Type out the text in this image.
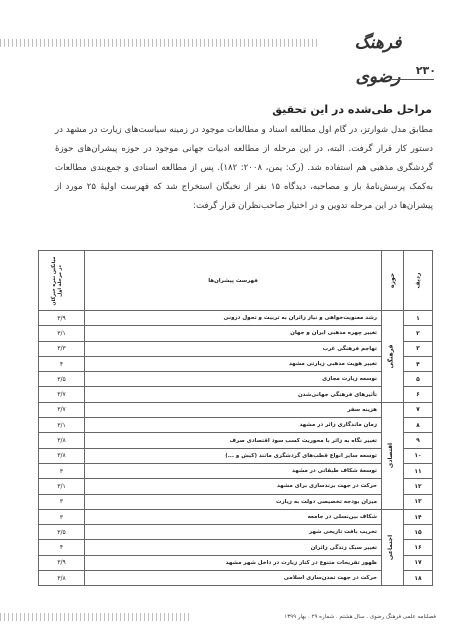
فرهنگ رضوی	۲۳۰
مراحل طی‌شده در این تحقیق
مطابق مدل شوارتز، در گام اول مطالعه اسناد و مطالعات موجود در زمینه سیاست‌های زیارت در مشهد در دستور کار قرار گرفت. البته، در این مرحله از مطالعه ادبیات جهانی موجود در حوزه پیشران‌های حوزهٔ گردشگری مذهبی هم استفاده شد. (رک: یمن، ۲۰۰۸: ۱۸۲). پس از مطالعه اسنادی و جمع‌بندی مطالعات به‌کمک پرسش‌نامهٔ باز و مصاحبه، دیدگاه ۱۵ نفر از نخبگان استخراج شد که فهرست اولیهٔ ۲۵ مورد از پیشران‌ها در این مرحله تدوین و در اختیار صاحب‌نظران قرار گرفت:
ردیف	حوزه	فهرست پیشران‌ها	میانگین نمره خبرگان در مرحله اول
۱	فرهنگی	رشد معنویت‌خواهی و نیاز زائران به تربیت و تحول درونی	۳/۹
۲		تغییر چهره مذهبی ایران و جهان	۳/۱
۳		تهاجم فرهنگی غرب	۳/۳
۴		تغییر هویت مذهبی زیارتی مشهد	۴
۵		توسعه زیارت مجازی	۳/۵
۶		تأثیرهای فرهنگی جهانی‌شدن	۳/۷
۷	اقتصادی	هزینه سفر	۳/۷
۸		زمان ماندگاری زائر در مشهد	۳/۱
۹		تغییر نگاه به زائر با محوریت کسب سود اقتصادی صرف	۳/۸
۱۰		توسعه سایر انواع قطب‌های گردشگری مانند (کیش و ...)	۳/۸
۱۱		توسعهٔ شکاف طبقاتی در مشهد	۳
۱۲		حرکت در جهت برندسازی برای مشهد	۳/۱
۱۳		میزان بودجه تخصیصی دولت به زیارت	۳
۱۴	اجتماعی	شکاف بین‌نسلی در جامعه	۳
۱۵		تخریب بافت تاریخی شهر	۳/۵
۱۶		تغییر سبک زندگی زائران	۴
۱۷		ظهور تفریحات متنوع در کنار زیارت در داخل شهر مشهد	۳/۹
۱۸		حرکت در جهت تمدن‌سازی اسلامی	۳/۸
فصلنامه علمی فرهنگ رضوی . سال هشتم . شماره ۲۹ . بهار ۱۳۹۹
